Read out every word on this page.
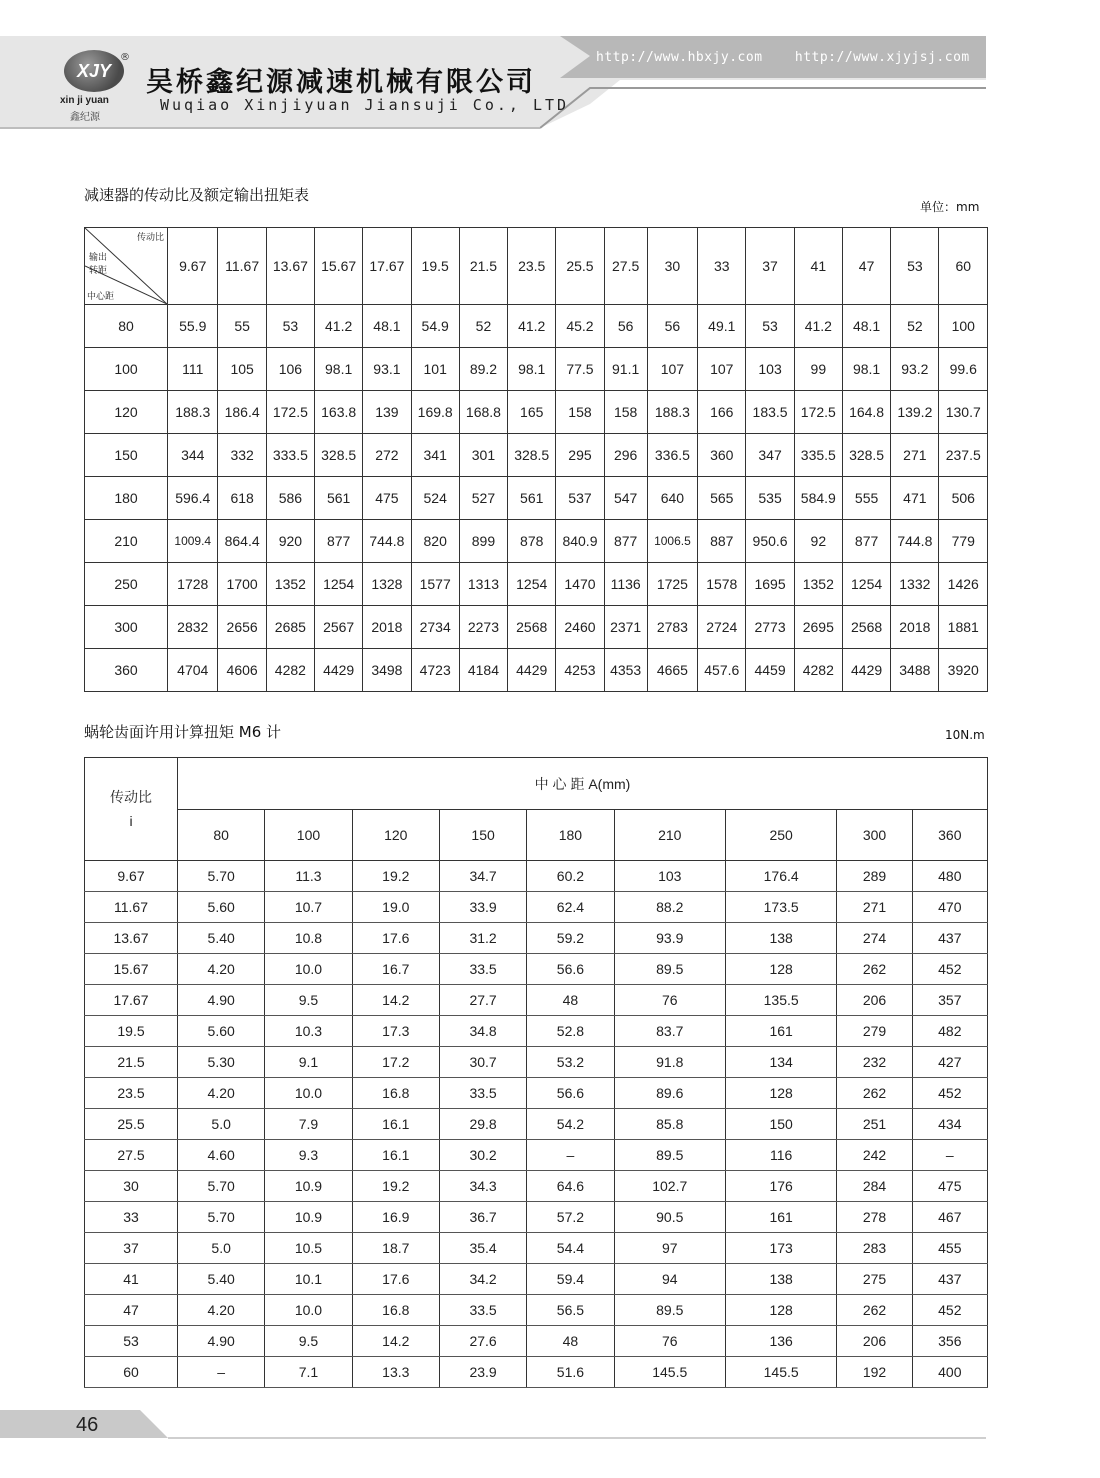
XJY
®
xin ji yuan
鑫纪源
吴桥鑫纪源减速机械有限公司
Wuqiao Xinjiyuan Jiansuji Co., LTD
http://www.hbxjy.com http://www.xjyjsj.com
减速器的传动比及额定输出扭矩表
单位：mm
传动比
输出
转距
中心距	9.67	11.67	13.67	15.67	17.67	19.5	21.5	23.5	25.5	27.5	30	33	37	41	47	53	60
80	55.9	55	53	41.2	48.1	54.9	52	41.2	45.2	56	56	49.1	53	41.2	48.1	52	100
100	111	105	106	98.1	93.1	101	89.2	98.1	77.5	91.1	107	107	103	99	98.1	93.2	99.6
120	188.3	186.4	172.5	163.8	139	169.8	168.8	165	158	158	188.3	166	183.5	172.5	164.8	139.2	130.7
150	344	332	333.5	328.5	272	341	301	328.5	295	296	336.5	360	347	335.5	328.5	271	237.5
180	596.4	618	586	561	475	524	527	561	537	547	640	565	535	584.9	555	471	506
210	1009.4	864.4	920	877	744.8	820	899	878	840.9	877	1006.5	887	950.6	92	877	744.8	779
250	1728	1700	1352	1254	1328	1577	1313	1254	1470	1136	1725	1578	1695	1352	1254	1332	1426
300	2832	2656	2685	2567	2018	2734	2273	2568	2460	2371	2783	2724	2773	2695	2568	2018	1881
360	4704	4606	4282	4429	3498	4723	4184	4429	4253	4353	4665	457.6	4459	4282	4429	3488	3920
蜗轮齿面许用计算扭矩 M6 计	10N.m
传动比
i	中 心 距 A(mm)								
	80	100	120	150	180	210	250	300	360
9.67	5.70	11.3	19.2	34.7	60.2	103	176.4	289	480
11.67	5.60	10.7	19.0	33.9	62.4	88.2	173.5	271	470
13.67	5.40	10.8	17.6	31.2	59.2	93.9	138	274	437
15.67	4.20	10.0	16.7	33.5	56.6	89.5	128	262	452
17.67	4.90	9.5	14.2	27.7	48	76	135.5	206	357
19.5	5.60	10.3	17.3	34.8	52.8	83.7	161	279	482
21.5	5.30	9.1	17.2	30.7	53.2	91.8	134	232	427
23.5	4.20	10.0	16.8	33.5	56.6	89.6	128	262	452
25.5	5.0	7.9	16.1	29.8	54.2	85.8	150	251	434
27.5	4.60	9.3	16.1	30.2	–	89.5	116	242	–
30	5.70	10.9	19.2	34.3	64.6	102.7	176	284	475
33	5.70	10.9	16.9	36.7	57.2	90.5	161	278	467
37	5.0	10.5	18.7	35.4	54.4	97	173	283	455
41	5.40	10.1	17.6	34.2	59.4	94	138	275	437
47	4.20	10.0	16.8	33.5	56.5	89.5	128	262	452
53	4.90	9.5	14.2	27.6	48	76	136	206	356
60	–	7.1	13.3	23.9	51.6	145.5	145.5	192	400
46
